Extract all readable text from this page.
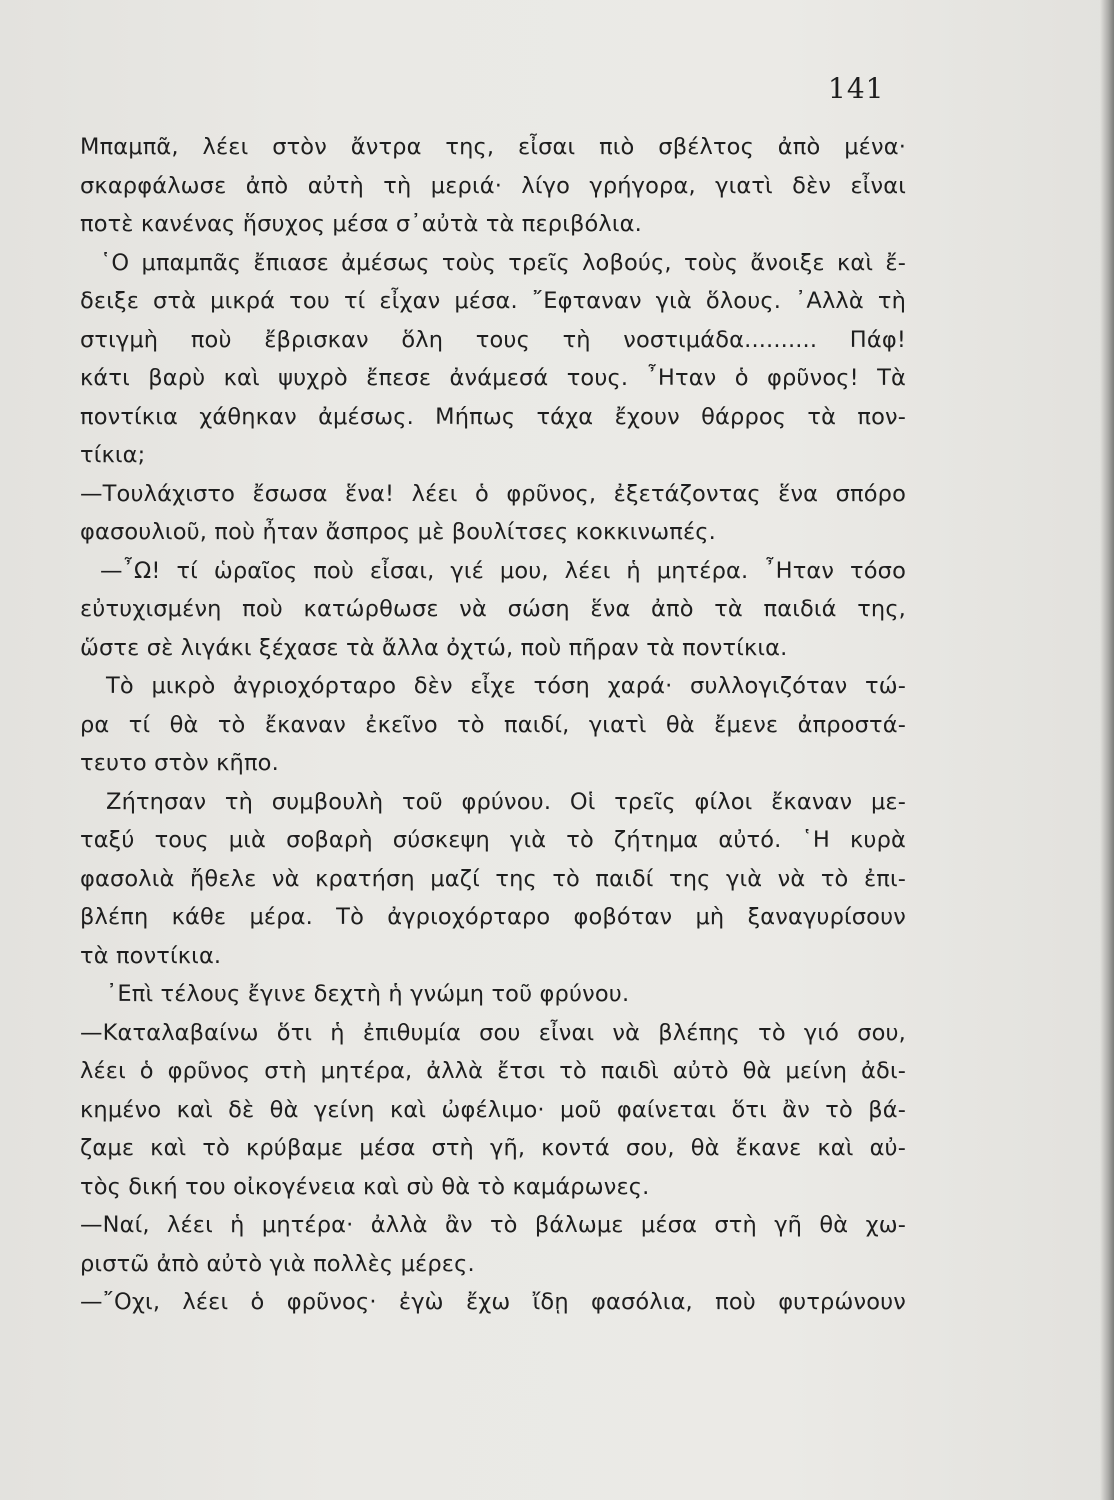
141
Μπαμπᾶ, λέει στὸν ἄντρα της, εἶσαι πιὸ σβέλτος ἀπὸ μένα·
σκαρφάλωσε ἀπὸ αὐτὴ τὴ μεριά· λίγο γρήγορα, γιατὶ δὲν εἶναι
ποτὲ κανένας ἥσυχος μέσα σ᾿αὐτὰ τὰ περιβόλια.
῾Ο μπαμπᾶς ἔπιασε ἀμέσως τοὺς τρεῖς λοβούς, τοὺς ἄνοιξε καὶ ἔ-
δειξε στὰ μικρά του τί εἶχαν μέσα. ῎Εφταναν γιὰ ὅλους. ᾿Αλλὰ τὴ
στιγμὴ ποὺ ἔβρισκαν ὅλη τους τὴ νοστιμάδα.......... Πάφ!
κάτι βαρὺ καὶ ψυχρὸ ἔπεσε ἀνάμεσά τους. ῏Ηταν ὁ φρῦνος! Τὰ
ποντίκια χάθηκαν ἀμέσως. Μήπως τάχα ἔχουν θάρρος τὰ πον-
τίκια;
—Τουλάχιστο ἔσωσα ἕνα! λέει ὁ φρῦνος, ἐξετάζοντας ἕνα σπόρο
φασουλιοῦ, ποὺ ἦταν ἄσπρος μὲ βουλίτσες κοκκινωπές.
—῏Ω! τί ὡραῖος ποὺ εἶσαι, γιέ μου, λέει ἡ μητέρα. ῏Ηταν τόσο
εὐτυχισμένη ποὺ κατώρθωσε νὰ σώση ἕνα ἀπὸ τὰ παιδιά της,
ὥστε σὲ λιγάκι ξέχασε τὰ ἄλλα ὀχτώ, ποὺ πῆραν τὰ ποντίκια.
Τὸ μικρὸ ἀγριοχόρταρο δὲν εἶχε τόση χαρά· συλλογιζόταν τώ-
ρα τί θὰ τὸ ἔκαναν ἐκεῖνο τὸ παιδί, γιατὶ θὰ ἔμενε ἀπροστά-
τευτο στὸν κῆπο.
Ζήτησαν τὴ συμβουλὴ τοῦ φρύνου. Οἱ τρεῖς φίλοι ἔκαναν με-
ταξύ τους μιὰ σοβαρὴ σύσκεψη γιὰ τὸ ζήτημα αὐτό. ῾Η κυρὰ
φασολιὰ ἤθελε νὰ κρατήση μαζί της τὸ παιδί της γιὰ νὰ τὸ ἐπι-
βλέπη κάθε μέρα. Τὸ ἀγριοχόρταρο φοβόταν μὴ ξαναγυρίσουν
τὰ ποντίκια.
᾿Επὶ τέλους ἔγινε δεχτὴ ἡ γνώμη τοῦ φρύνου.
—Καταλαβαίνω ὅτι ἡ ἐπιθυμία σου εἶναι νὰ βλέπης τὸ γιό σου,
λέει ὁ φρῦνος στὴ μητέρα, ἀλλὰ ἔτσι τὸ παιδὶ αὐτὸ θὰ μείνη ἀδι-
κημένο καὶ δὲ θὰ γείνη καὶ ὠφέλιμο· μοῦ φαίνεται ὅτι ἂν τὸ βά-
ζαμε καὶ τὸ κρύβαμε μέσα στὴ γῆ, κοντά σου, θὰ ἔκανε καὶ αὐ-
τὸς δική του οἰκογένεια καὶ σὺ θὰ τὸ καμάρωνες.
—Ναί, λέει ἡ μητέρα· ἀλλὰ ἂν τὸ βάλωμε μέσα στὴ γῆ θὰ χω-
ριστῶ ἀπὸ αὐτὸ γιὰ πολλὲς μέρες.
—῎Οχι, λέει ὁ φρῦνος· ἐγὼ ἔχω ἴδῃ φασόλια, ποὺ φυτρώνουν
